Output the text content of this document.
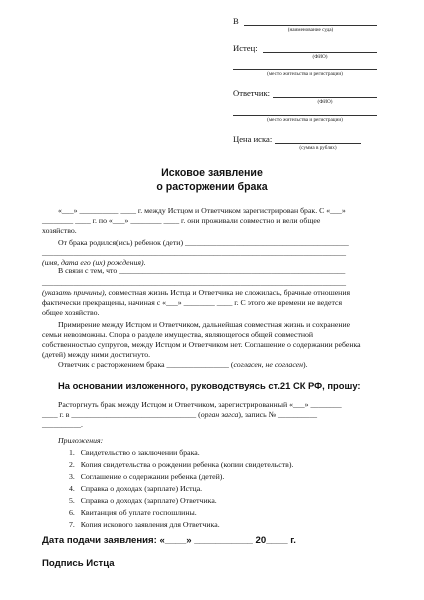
В
(наименование суда)
Истец:
(ФИО)
(место жительства и регистрации)
Ответчик:
(ФИО)
(место жительства и регистрации)
Цена иска:
(сумма в рублях)
Исковое заявление
о расторжении брака
«___» __________ ____ г. между Истцом и Ответчиком зарегистрирован брак. С «___»
________ ____ г. по «___» ________ ____ г. они проживали совместно и вели общее
хозяйство.
От брака родился(ись) ребенок (дети) __________________________________________
______________________________________________________________________________
(имя, дата его (их) рождения).
В связи с тем, что __________________________________________________________
______________________________________________________________________________
(указать причины), совместная жизнь Истца и Ответчика не сложилась, брачные отношения
фактически прекращены, начиная с «___» ________ ____ г. С этого же времени не ведется
общее хозяйство.
Примирение между Истцом и Ответчиком, дальнейшая совместная жизнь и сохранение
семьи невозможны. Спора о разделе имущества, являющегося общей совместной
собственностью супругов, между Истцом и Ответчиком нет. Соглашение о содержании ребенка
(детей) между ними достигнуто.
Ответчик с расторжением брака ________________ (согласен, не согласен).
На основании изложенного, руководствуясь ст.21 СК РФ, прошу:
Расторгнуть брак между Истцом и Ответчиком, зарегистрированный «___» ________
____ г. в ________________________________ (орган загса), запись № __________
__________.
Приложения:
1.   Свидетельство о заключении брака.
2.   Копия свидетельства о рождении ребенка (копии свидетельств).
3.   Соглашение о содержании ребенка (детей).
4.   Справка о доходах (зарплате) Истца.
5.   Справка о доходах (зарплате) Ответчика.
6.   Квитанция об уплате госпошлины.
7.   Копия искового заявления для Ответчика.
Дата подачи заявления: «____» ___________ 20____ г.
Подпись Истца
